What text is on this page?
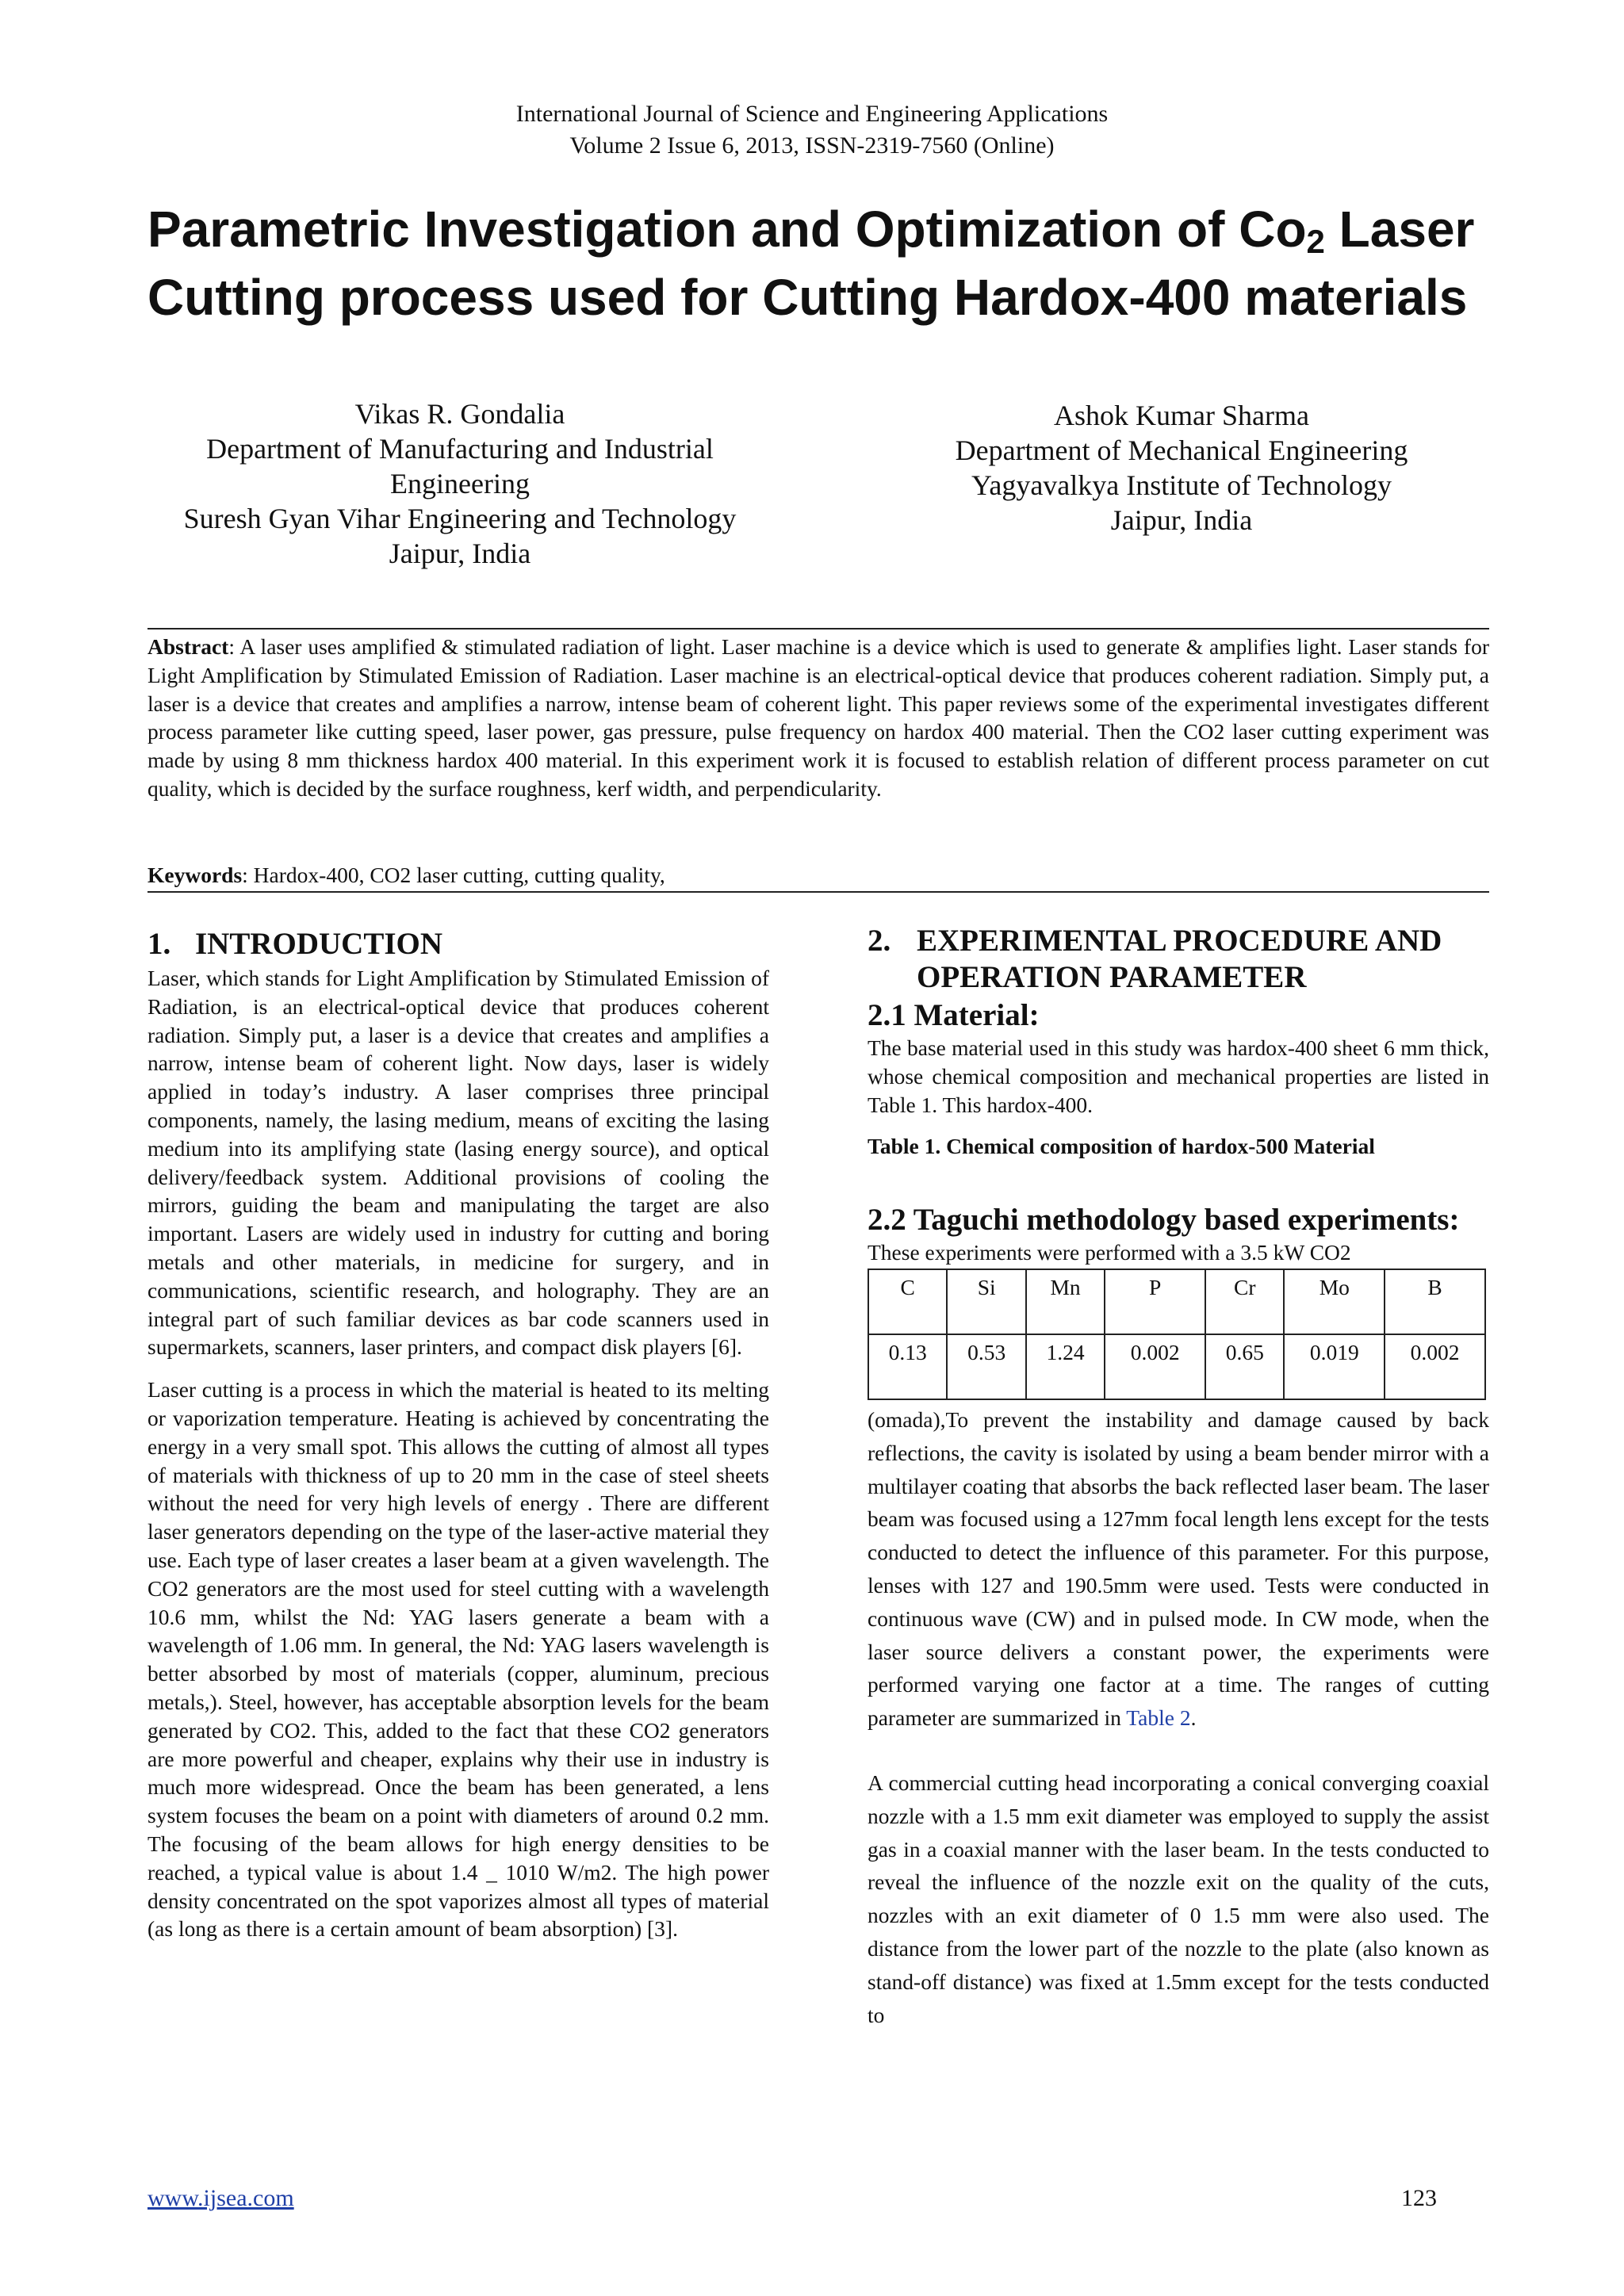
International Journal of Science and Engineering Applications
Volume 2 Issue 6, 2013, ISSN-2319-7560 (Online)
Parametric Investigation and Optimization of $Co_2$ Laser
Cutting process used for Cutting Hardox-400 materials
Vikas R. Gondalia
Department of Manufacturing and Industrial Engineering
Suresh Gyan Vihar Engineering and Technology
Jaipur, India
Ashok Kumar Sharma
Department of Mechanical Engineering
Yagyavalkya Institute of Technology
Jaipur, India

Abstract: A laser uses amplified & stimulated radiation of light. Laser machine is a device which is used to generate & amplifies light. Laser stands for Light Amplification by Stimulated Emission of Radiation. Laser machine is an electrical-optical device that produces coherent radiation. Simply put, a laser is a device that creates and amplifies a narrow, intense beam of coherent light. This paper reviews some of the experimental investigates different process parameter like cutting speed, laser power, gas pressure, pulse frequency on hardox 400 material. Then the CO2 laser cutting experiment was made by using 8 mm thickness hardox 400 material. In this experiment work it is focused to establish relation of different process parameter on cut quality, which is decided by the surface roughness, kerf width, and perpendicularity.

Keywords: Hardox-400, CO2 laser cutting, cutting quality,

1. INTRODUCTION

Laser, which stands for Light Amplification by Stimulated Emission of Radiation, is an electrical-optical device that produces coherent radiation. Simply put, a laser is a device that creates and amplifies a narrow, intense beam of coherent light. Now days, laser is widely applied in today’s industry. A laser comprises three principal components, namely, the lasing medium, means of exciting the lasing medium into its amplifying state (lasing energy source), and optical delivery/feedback system. Additional provisions of cooling the mirrors, guiding the beam and manipulating the target are also important. Lasers are widely used in industry for cutting and boring metals and other materials, in medicine for surgery, and in communications, scientific research, and holography. They are an integral part of such familiar devices as bar code scanners used in supermarkets, scanners, laser printers, and compact disk players [6].

Laser cutting is a process in which the material is heated to its melting or vaporization temperature. Heating is achieved by concentrating the energy in a very small spot. This allows the cutting of almost all types of materials with thickness of up to 20 mm in the case of steel sheets without the need for very high levels of energy . There are different laser generators depending on the type of the laser-active material they use. Each type of laser creates a laser beam at a given wavelength. The CO2 generators are the most used for steel cutting with a wavelength 10.6 mm, whilst the Nd: YAG lasers generate a beam with a wavelength of 1.06 mm. In general, the Nd: YAG lasers wavelength is better absorbed by most of materials (copper, aluminum, precious metals,). Steel, however, has acceptable absorption levels for the beam generated by CO2. This, added to the fact that these CO2 generators are more powerful and cheaper, explains why their use in industry is much more widespread. Once the beam has been generated, a lens system focuses the beam on a point with diameters of around 0.2 mm. The focusing of the beam allows for high energy densities to be reached, a typical value is about 1.4 _ 1010 W/m2. The high power density concentrated on the spot vaporizes almost all types of material (as long as there is a certain amount of beam absorption) [3].

2. EXPERIMENTAL PROCEDURE AND OPERATION PARAMETER
2.1 Material:

The base material used in this study was hardox-400 sheet 6 mm thick, whose chemical composition and mechanical properties are listed in Table 1. This hardox-400.

Table 1. Chemical composition of hardox-500 Material

2.2 Taguchi methodology based experiments:

These experiments were performed with a 3.5 kW CO2

C	Si	Mn	P	Cr	Mo	B
0.13	0.53	1.24	0.002	0.65	0.019	0.002

(omada),To prevent the instability and damage caused by back reflections, the cavity is isolated by using a beam bender mirror with a multilayer coating that absorbs the back reflected laser beam. The laser beam was focused using a 127mm focal length lens except for the tests conducted to detect the influence of this parameter. For this purpose, lenses with 127 and 190.5mm were used. Tests were conducted in continuous wave (CW) and in pulsed mode. In CW mode, when the laser source delivers a constant power, the experiments were performed varying one factor at a time. The ranges of cutting parameter are summarized in Table 2.

A commercial cutting head incorporating a conical converging coaxial nozzle with a 1.5 mm exit diameter was employed to supply the assist gas in a coaxial manner with the laser beam. In the tests conducted to reveal the influence of the nozzle exit on the quality of the cuts, nozzles with an exit diameter of 0 1.5 mm were also used. The distance from the lower part of the nozzle to the plate (also known as stand-off distance) was fixed at 1.5mm except for the tests conducted to

www.ijsea.com	123
